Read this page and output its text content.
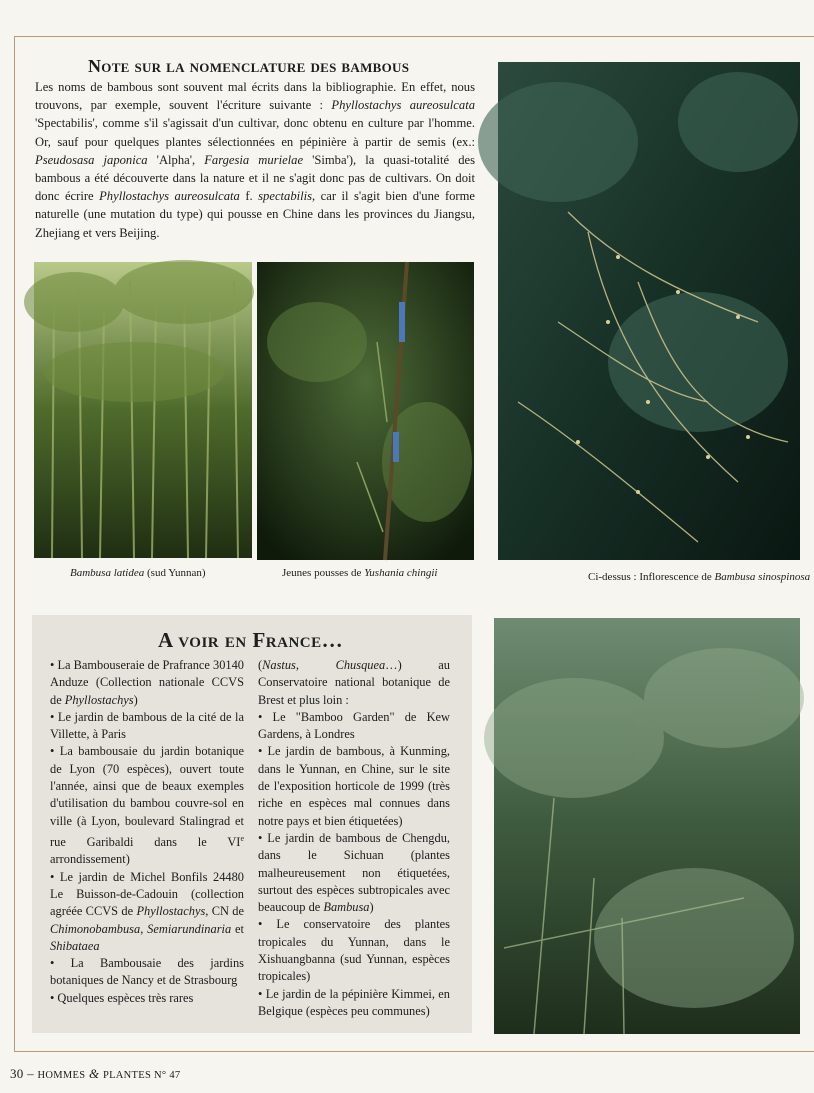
Note sur la nomenclature des bambous

Les noms de bambous sont souvent mal écrits dans la bibliographie. En effet, nous trouvons, par exemple, souvent l'écriture suivante : Phyllostachys aureosulcata 'Spectabilis', comme s'il s'agissait d'un cultivar, donc obtenu en culture par l'homme. Or, sauf pour quelques plantes sélectionnées en pépinière à partir de semis (ex.: Pseudosasa japonica 'Alpha', Fargesia murielae 'Simba'), la quasi-totalité des bambous a été découverte dans la nature et il ne s'agit donc pas de cultivars. On doit donc écrire Phyllostachys aureosulcata f. spectabilis, car il s'agit bien d'une forme naturelle (une mutation du type) qui pousse en Chine dans les provinces du Jiangsu, Zhejiang et vers Beijing.

Bambusa latidea (sud Yunnan)	Jeunes pousses de Yushania chingii	Ci-dessus : Inflorescence de Bambusa sinospinosa

A voir en France…

• La Bambouseraie de Prafrance 30140 Anduze (Collection nationale CCVS de Phyllostachys)

• Le jardin de bambous de la cité de la Villette, à Paris

• La bambousaie du jardin botanique de Lyon (70 espèces), ouvert toute l'année, ainsi que de beaux exemples d'utilisation du bambou couvre-sol en ville (à Lyon, boulevard Stalingrad et rue Garibaldi dans le VIe arrondissement)

• Le jardin de Michel Bonfils 24480 Le Buisson-de-Cadouin (collection agréée CCVS de Phyllostachys, CN de Chimonobambusa, Semiarundinaria et Shibataea

• La Bambousaie des jardins botaniques de Nancy et de Strasbourg

• Quelques espèces très rares

(Nastus, Chusquea…) au Conservatoire national botanique de Brest et plus loin :

• Le "Bamboo Garden" de Kew Gardens, à Londres

• Le jardin de bambous, à Kunming, dans le Yunnan, en Chine, sur le site de l'exposition horticole de 1999 (très riche en espèces mal connues dans notre pays et bien étiquetées)

• Le jardin de bambous de Chengdu, dans le Sichuan (plantes malheureusement non étiquetées, surtout des espèces subtropicales avec beaucoup de Bambusa)

• Le conservatoire des plantes tropicales du Yunnan, dans le Xishuangbanna (sud Yunnan, espèces tropicales)

• Le jardin de la pépinière Kimmei, en Belgique (espèces peu communes)

30 – HOMMES & PLANTES N° 47
